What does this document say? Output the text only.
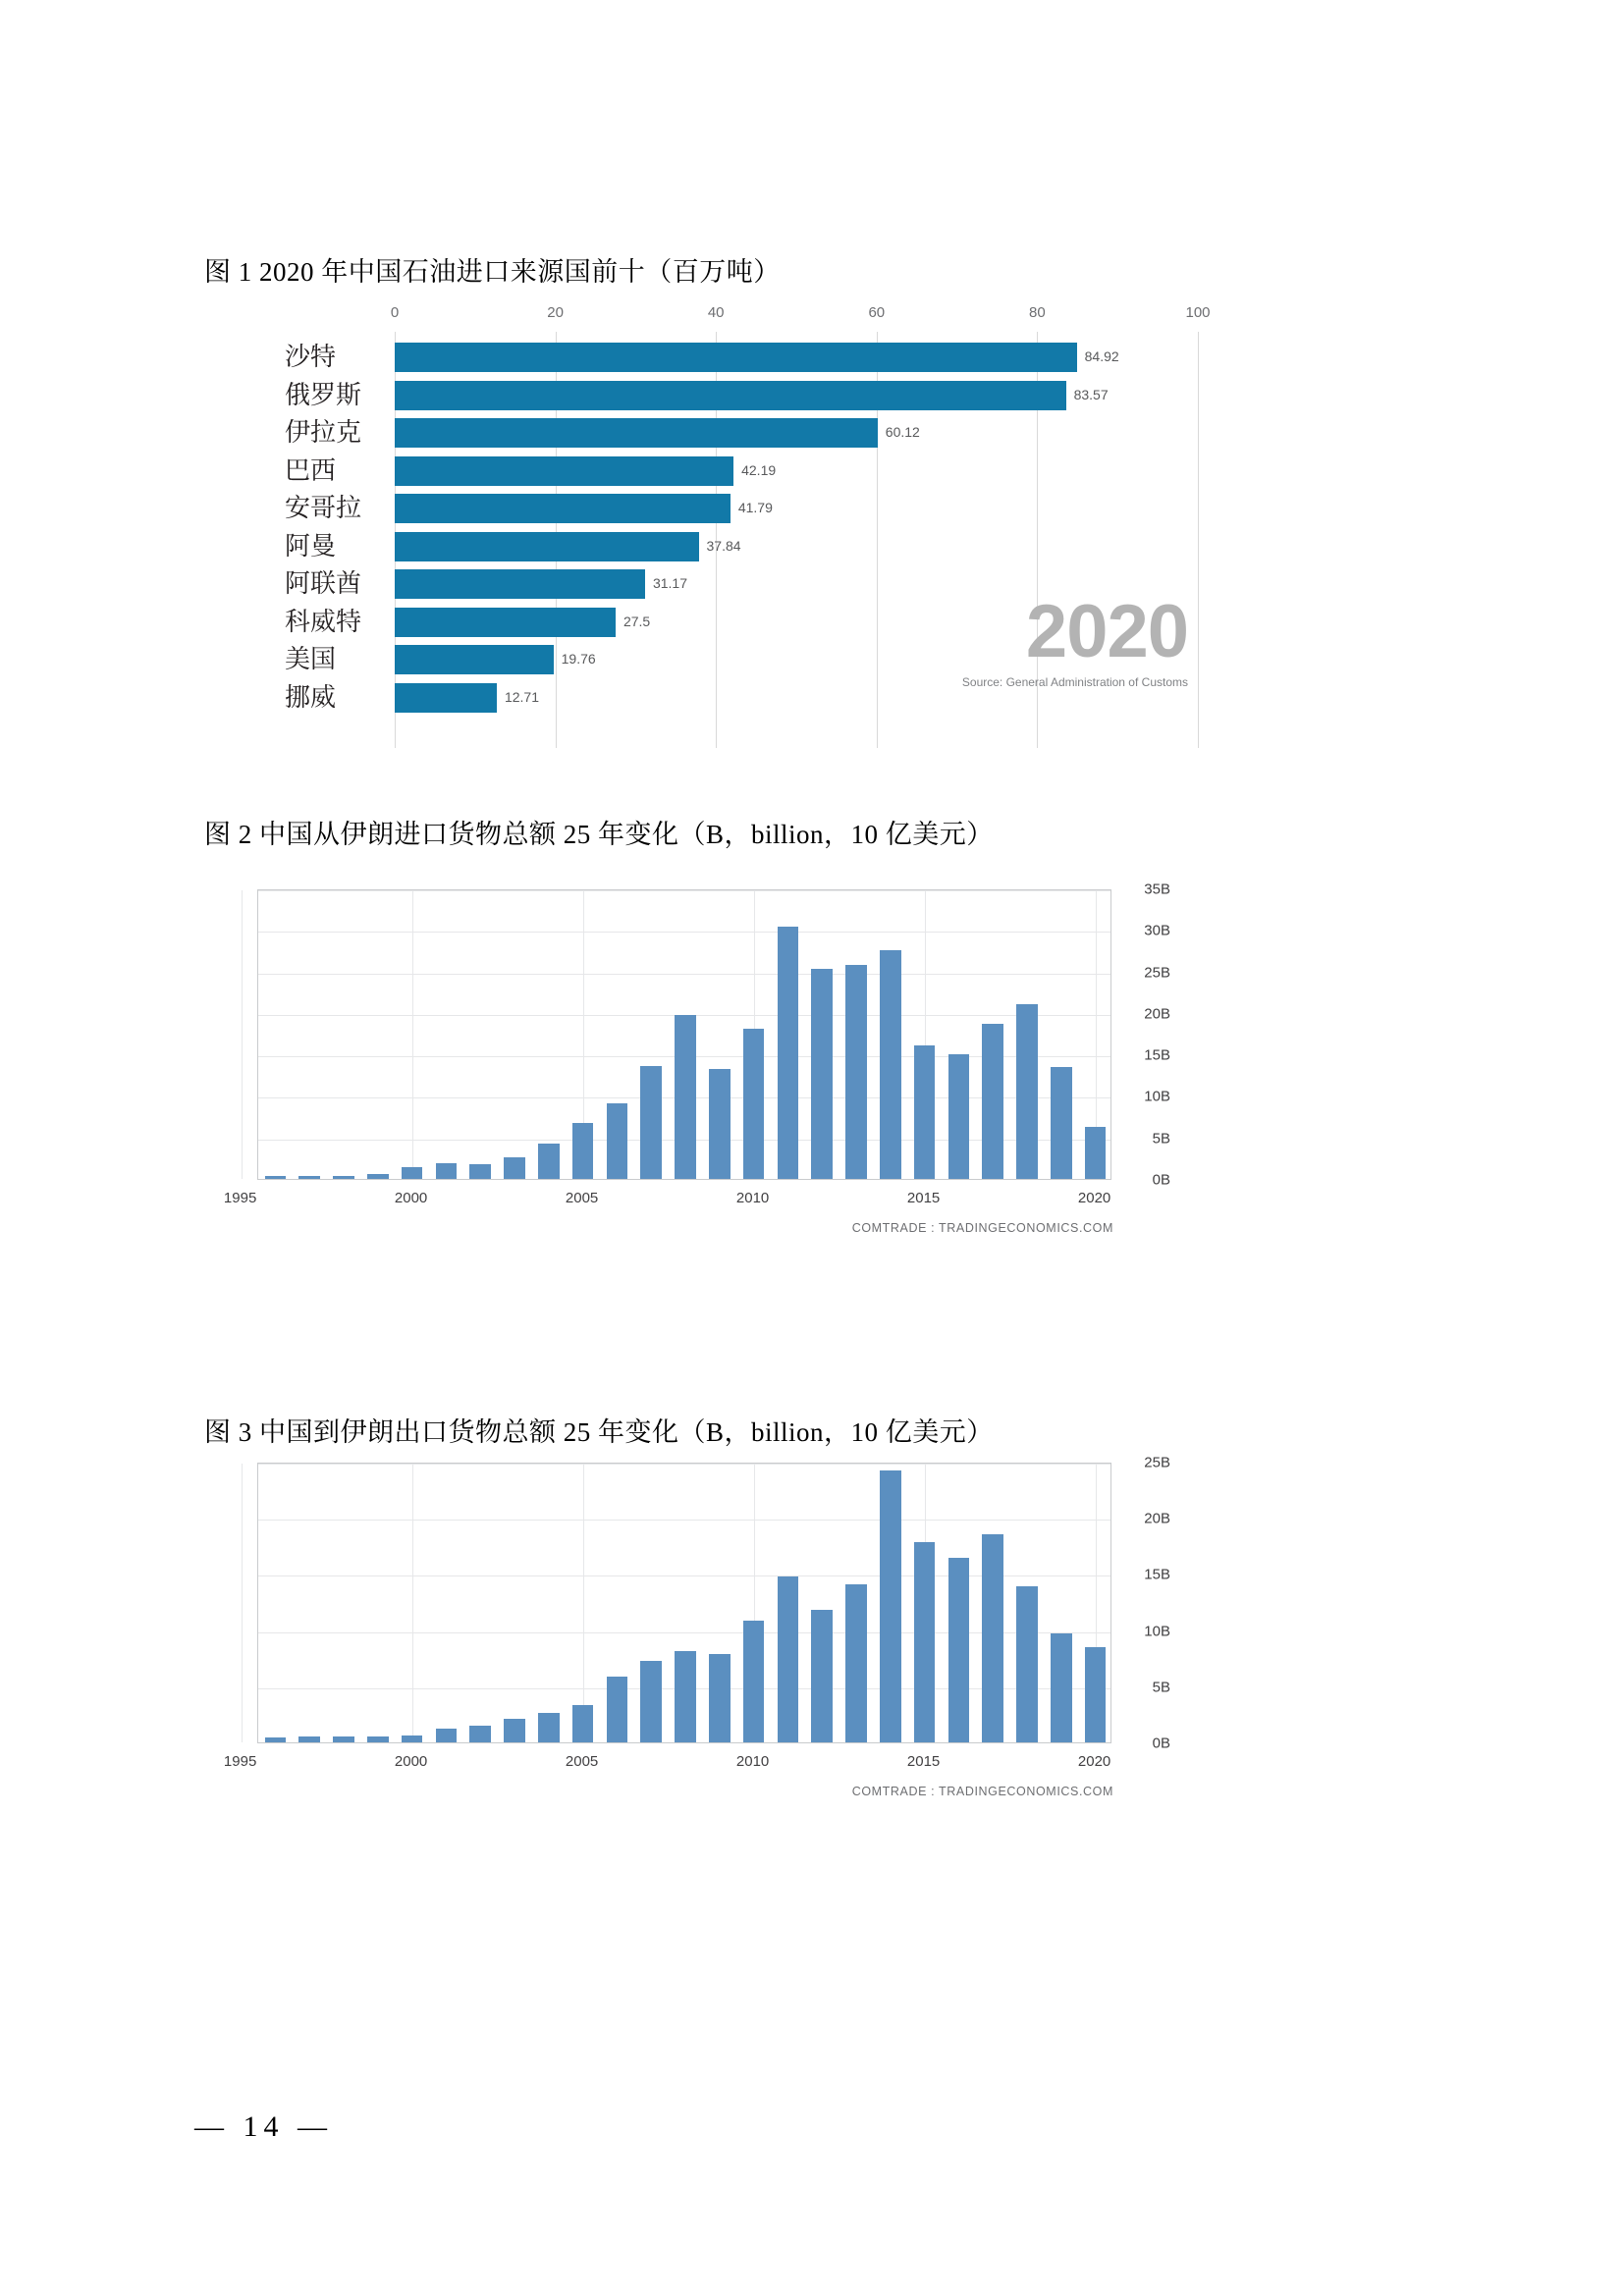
图 1 2020 年中国石油进口来源国前十（百万吨）
沙特
俄罗斯
伊拉克
巴西
安哥拉
阿曼
阿联酋
科威特
美国
挪威
0	20	40	60	80	100
84.92
83.57
60.12
42.19
41.79
37.84
31.17
27.5
19.76
12.71
2020
Source: General Administration of Customs
图 2 中国从伊朗进口货物总额 25 年变化（B，billion，10 亿美元）
0B
5B
10B
15B
20B
25B
30B
35B
1995	2000	2005	2010	2015	2020
COMTRADE : TRADINGECONOMICS.COM
图 3 中国到伊朗出口货物总额 25 年变化（B，billion，10 亿美元）
0B
5B
10B
15B
20B
25B
1995	2000	2005	2010	2015	2020
COMTRADE : TRADINGECONOMICS.COM
— 14 —
